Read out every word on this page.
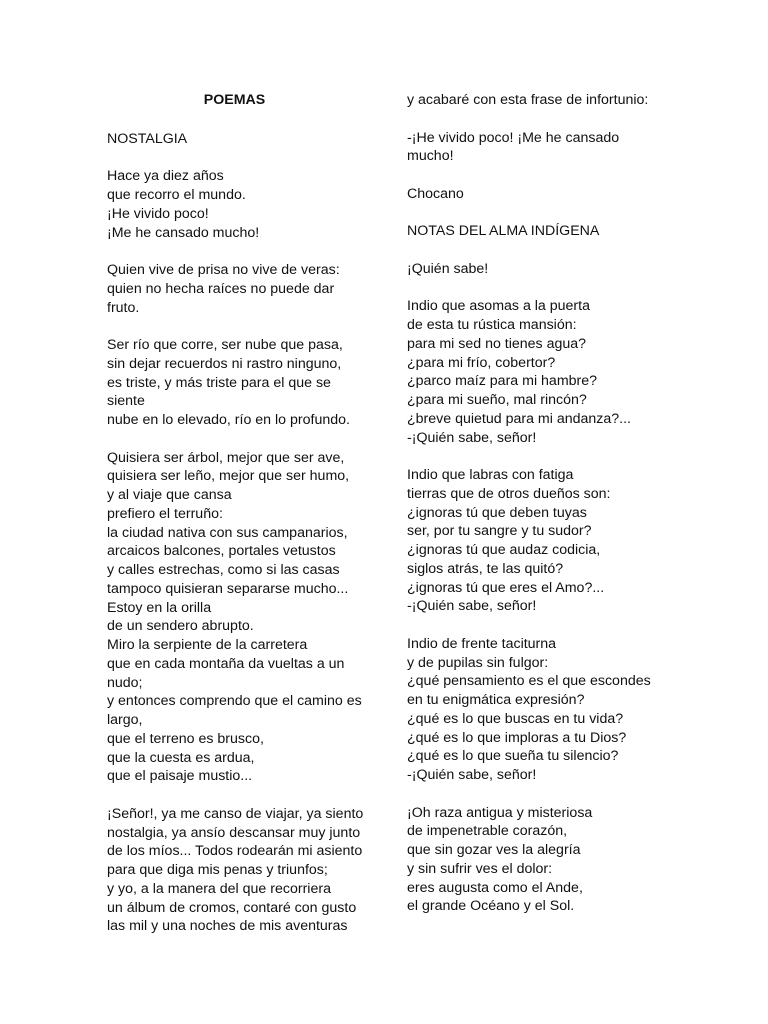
POEMAS
NOSTALGIA
Hace ya diez años
que recorro el mundo.
¡He vivido poco!
¡Me he cansado mucho!
Quien vive de prisa no vive de veras:
quien no hecha raíces no puede dar
fruto.
Ser río que corre, ser nube que pasa,
sin dejar recuerdos ni rastro ninguno,
es triste, y más triste para el que se
siente
nube en lo elevado, río en lo profundo.
Quisiera ser árbol, mejor que ser ave,
quisiera ser leño, mejor que ser humo,
y al viaje que cansa
prefiero el terruño:
la ciudad nativa con sus campanarios,
arcaicos balcones, portales vetustos
y calles estrechas, como si las casas
tampoco quisieran separarse mucho...
Estoy en la orilla
de un sendero abrupto.
Miro la serpiente de la carretera
que en cada montaña da vueltas a un
nudo;
y entonces comprendo que el camino es
largo,
que el terreno es brusco,
que la cuesta es ardua,
que el paisaje mustio...
¡Señor!, ya me canso de viajar, ya siento
nostalgia, ya ansío descansar muy junto
de los míos... Todos rodearán mi asiento
para que diga mis penas y triunfos;
y yo, a la manera del que recorriera
un álbum de cromos, contaré con gusto
las mil y una noches de mis aventuras
y acabaré con esta frase de infortunio:
-¡He vivido poco! ¡Me he cansado
mucho!
Chocano
NOTAS DEL ALMA INDÍGENA
¡Quién sabe!
Indio que asomas a la puerta
de esta tu rústica mansión:
para mi sed no tienes agua?
¿para mi frío, cobertor?
¿parco maíz para mi hambre?
¿para mi sueño, mal rincón?
¿breve quietud para mi andanza?...
-¡Quién sabe, señor!
Indio que labras con fatiga
tierras que de otros dueños son:
¿ignoras tú que deben tuyas
ser, por tu sangre y tu sudor?
¿ignoras tú que audaz codicia,
siglos atrás, te las quitó?
¿ignoras tú que eres el Amo?...
-¡Quién sabe, señor!
Indio de frente taciturna
y de pupilas sin fulgor:
¿qué pensamiento es el que escondes
en tu enigmática expresión?
¿qué es lo que buscas en tu vida?
¿qué es lo que imploras a tu Dios?
¿qué es lo que sueña tu silencio?
-¡Quién sabe, señor!
¡Oh raza antigua y misteriosa
de impenetrable corazón,
que sin gozar ves la alegría
y sin sufrir ves el dolor:
eres augusta como el Ande,
el grande Océano y el Sol.
